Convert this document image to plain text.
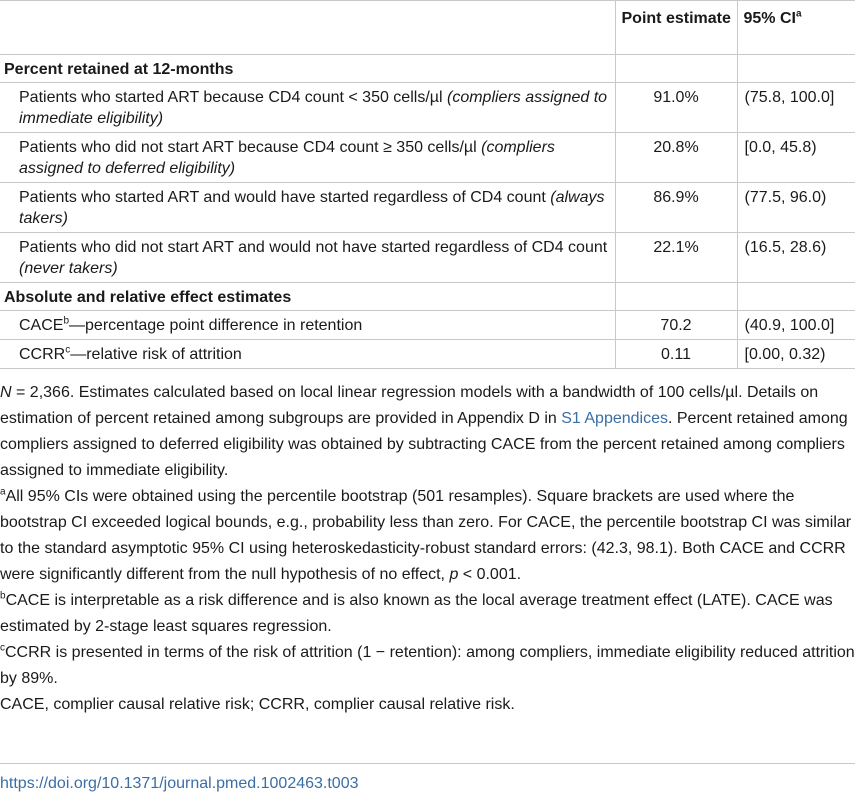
	Point estimate	95% $CI^a$
Percent retained at 12-months		
Patients who started ART because CD4 count < 350 cells/µl (compliers assigned to immediate eligibility)	91.0%	(75.8, 100.0]
Patients who did not start ART because CD4 count ≥ 350 cells/µl (compliers assigned to deferred eligibility)	20.8%	[0.0, 45.8)
Patients who started ART and would have started regardless of CD4 count (always takers)	86.9%	(77.5, 96.0)
Patients who did not start ART and would not have started regardless of CD4 count (never takers)	22.1%	(16.5, 28.6)
Absolute and relative effect estimates		
CACE$^b$—percentage point difference in retention	70.2	(40.9, 100.0]
CCRR$^c$—relative risk of attrition	0.11	[0.00, 0.32)

N = 2,366. Estimates calculated based on local linear regression models with a bandwidth of 100 cells/µl. Details on estimation of percent retained among subgroups are provided in Appendix D in S1 Appendices. Percent retained among compliers assigned to deferred eligibility was obtained by subtracting CACE from the percent retained among compliers assigned to immediate eligibility.

$^a$All 95% CIs were obtained using the percentile bootstrap (501 resamples). Square brackets are used where the bootstrap CI exceeded logical bounds, e.g., probability less than zero. For CACE, the percentile bootstrap CI was similar to the standard asymptotic 95% CI using heteroskedasticity-robust standard errors: (42.3, 98.1). Both CACE and CCRR were significantly different from the null hypothesis of no effect, p < 0.001.

$^b$CACE is interpretable as a risk difference and is also known as the local average treatment effect (LATE). CACE was estimated by 2-stage least squares regression.

$^c$CCRR is presented in terms of the risk of attrition (1 − retention): among compliers, immediate eligibility reduced attrition by 89%.

CACE, complier causal relative risk; CCRR, complier causal relative risk.

https://doi.org/10.1371/journal.pmed.1002463.t003
